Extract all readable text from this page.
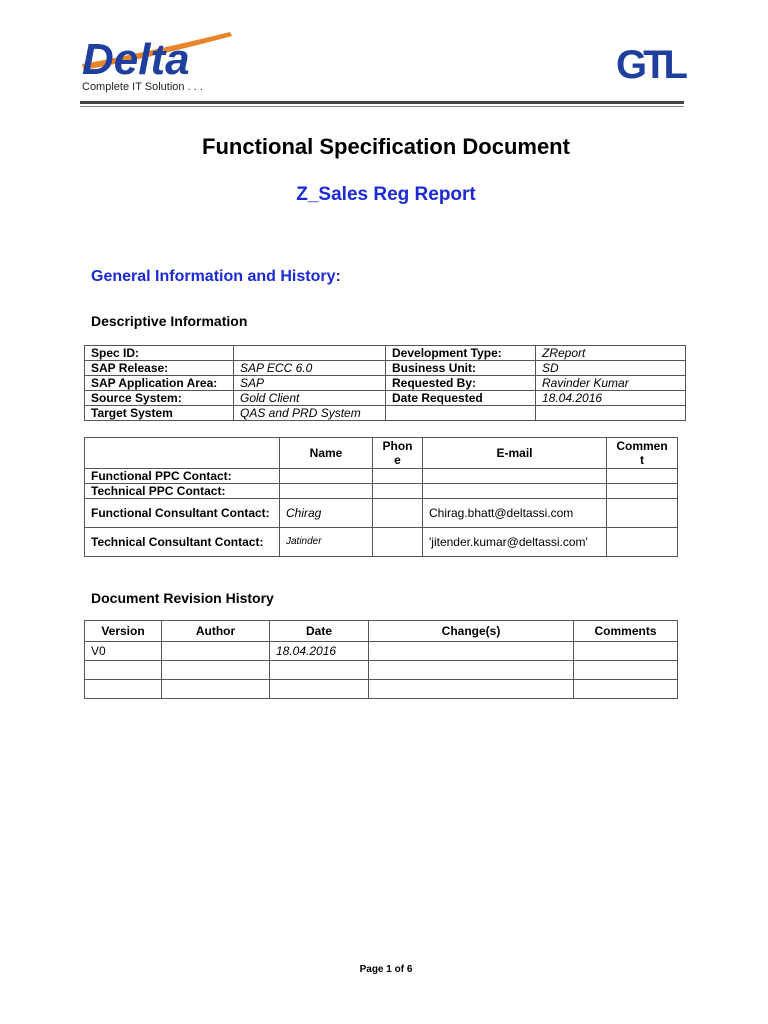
Delta
Complete IT Solution . . .	GTL
Functional Specification Document
Z_Sales Reg Report
General Information and History:
Descriptive Information
Spec ID:		Development Type:	ZReport
SAP Release:	SAP ECC 6.0	Business Unit:	SD
SAP Application Area:	SAP	Requested By:	Ravinder Kumar
Source System:	Gold Client	Date Requested	18.04.2016
Target System	QAS and PRD System		
	Name	Phon e	E-mail	Commen t
Functional PPC Contact:				
Technical PPC Contact:				
Functional Consultant Contact:	Chirag		Chirag.bhatt@deltassi.com	
Technical Consultant Contact:	Jatinder		'jitender.kumar@deltassi.com'	
Document Revision History
Version	Author	Date	Change(s)	Comments
V0		18.04.2016		

Page 1 of 6
